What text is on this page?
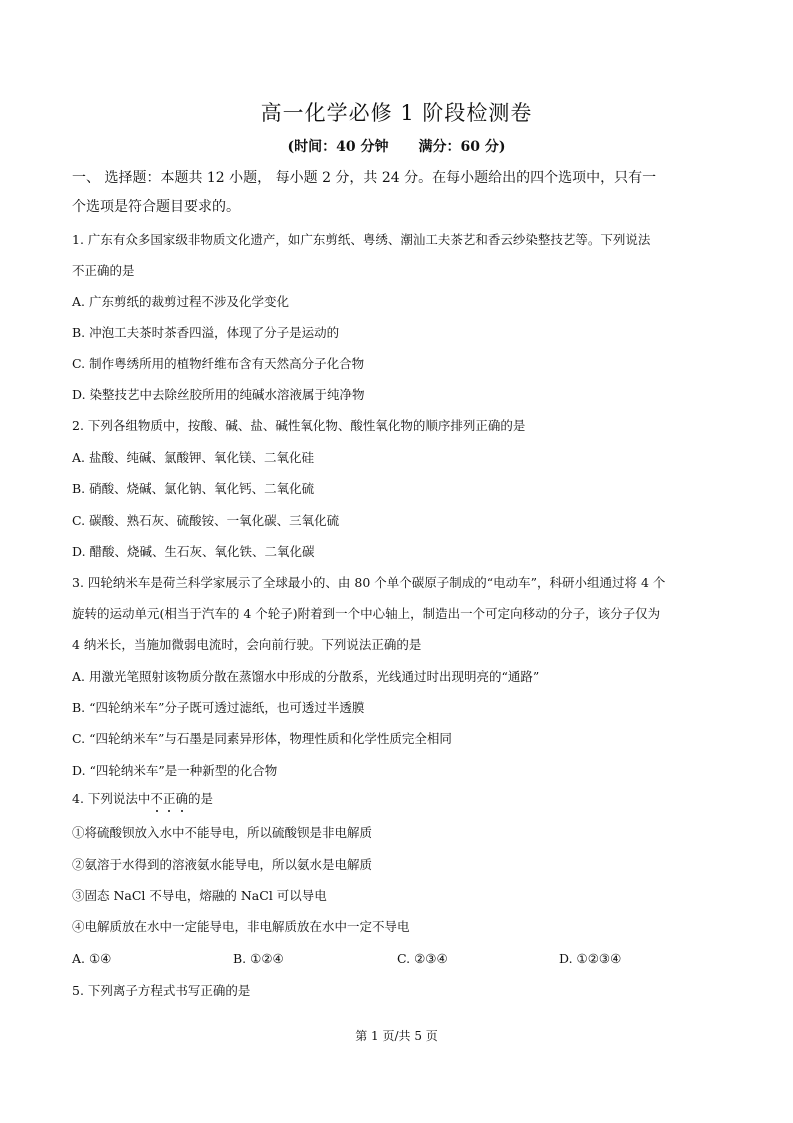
高一化学必修 1 阶段检测卷
(时间：40 分钟 满分：60 分)
一、 选择题：本题共 12 小题， 每小题 2 分，共 24 分。在每小题给出的四个选项中，只有一
个选项是符合题目要求的。
1. 广东有众多国家级非物质文化遗产，如广东剪纸、粤绣、潮汕工夫茶艺和香云纱染整技艺等。下列说法
不正确的是
A. 广东剪纸的裁剪过程不涉及化学变化
B. 冲泡工夫茶时茶香四溢，体现了分子是运动的
C. 制作粤绣所用的植物纤维布含有天然高分子化合物
D. 染整技艺中去除丝胶所用的纯碱水溶液属于纯净物
2. 下列各组物质中，按酸、碱、盐、碱性氧化物、酸性氧化物的顺序排列正确的是
A. 盐酸、纯碱、氯酸钾、氧化镁、二氧化硅
B. 硝酸、烧碱、氯化钠、氧化钙、二氧化硫
C. 碳酸、熟石灰、硫酸铵、一氧化碳、三氧化硫
D. 醋酸、烧碱、生石灰、氧化铁、二氧化碳
3. 四轮纳米车是荷兰科学家展示了全球最小的、由 80 个单个碳原子制成的“电动车”，科研小组通过将 4 个
旋转的运动单元(相当于汽车的 4 个轮子)附着到一个中心轴上，制造出一个可定向移动的分子，该分子仅为
4 纳米长，当施加微弱电流时，会向前行驶。下列说法正确的是
A. 用激光笔照射该物质分散在蒸馏水中形成的分散系，光线通过时出现明亮的“通路”
B. “四轮纳米车”分子既可透过滤纸，也可透过半透膜
C. “四轮纳米车”与石墨是同素异形体，物理性质和化学性质完全相同
D. “四轮纳米车”是一种新型的化合物
4. 下列说法中不正确的是
①将硫酸钡放入水中不能导电，所以硫酸钡是非电解质
②氨溶于水得到的溶液氨水能导电，所以氨水是电解质
③固态 NaCl 不导电，熔融的 NaCl 可以导电
④电解质放在水中一定能导电，非电解质放在水中一定不导电
A. ①④	B. ①②④	C. ②③④	D. ①②③④
5. 下列离子方程式书写正确的是
第 1 页/共 5 页
